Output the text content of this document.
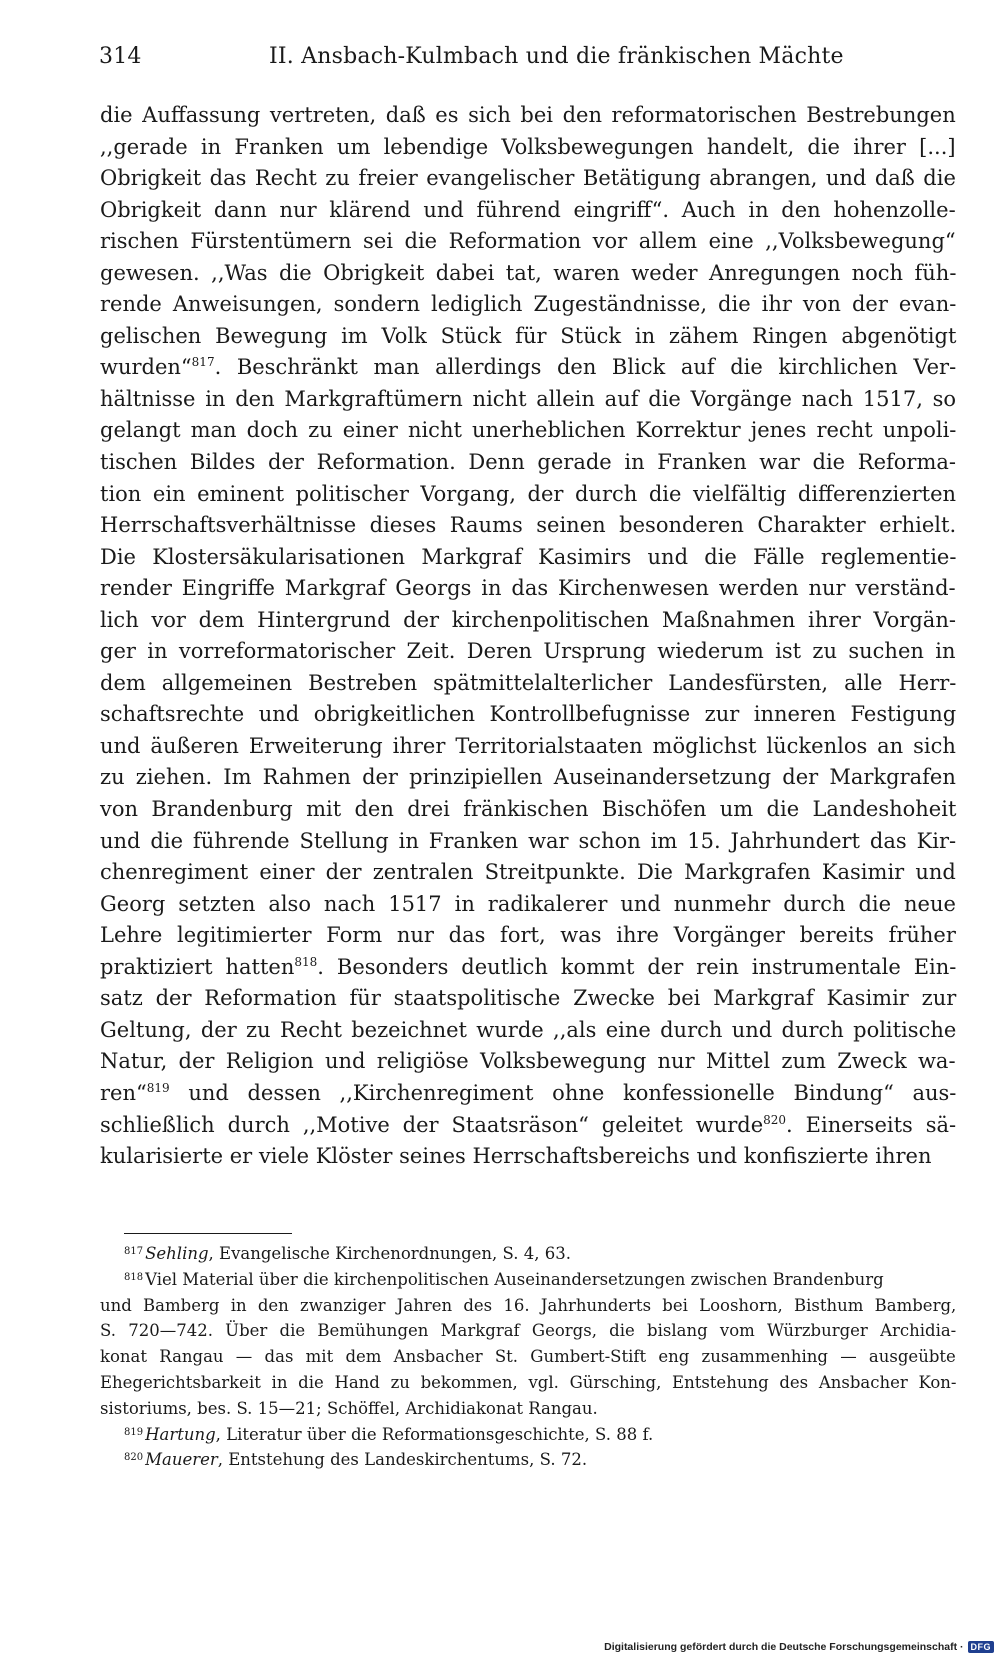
314	II. Ansbach-Kulmbach und die fränkischen Mächte
die Auffassung vertreten, daß es sich bei den reformatorischen Bestrebungen
,,gerade in Franken um lebendige Volksbewegungen handelt, die ihrer [...]
Obrigkeit das Recht zu freier evangelischer Betätigung abrangen, und daß die
Obrigkeit dann nur klärend und führend eingriff“. Auch in den hohenzolle-
rischen Fürstentümern sei die Reformation vor allem eine ,,Volksbewegung“
gewesen. ,,Was die Obrigkeit dabei tat, waren weder Anregungen noch füh-
rende Anweisungen, sondern lediglich Zugeständnisse, die ihr von der evan-
gelischen Bewegung im Volk Stück für Stück in zähem Ringen abgenötigt
wurden“$^{817}$. Beschränkt man allerdings den Blick auf die kirchlichen Ver-
hältnisse in den Markgraftümern nicht allein auf die Vorgänge nach 1517, so
gelangt man doch zu einer nicht unerheblichen Korrektur jenes recht unpoli-
tischen Bildes der Reformation. Denn gerade in Franken war die Reforma-
tion ein eminent politischer Vorgang, der durch die vielfältig differenzierten
Herrschaftsverhältnisse dieses Raums seinen besonderen Charakter erhielt.
Die Klostersäkularisationen Markgraf Kasimirs und die Fälle reglementie-
render Eingriffe Markgraf Georgs in das Kirchenwesen werden nur verständ-
lich vor dem Hintergrund der kirchenpolitischen Maßnahmen ihrer Vorgän-
ger in vorreformatorischer Zeit. Deren Ursprung wiederum ist zu suchen in
dem allgemeinen Bestreben spätmittelalterlicher Landesfürsten, alle Herr-
schaftsrechte und obrigkeitlichen Kontrollbefugnisse zur inneren Festigung
und äußeren Erweiterung ihrer Territorialstaaten möglichst lückenlos an sich
zu ziehen. Im Rahmen der prinzipiellen Auseinandersetzung der Markgrafen
von Brandenburg mit den drei fränkischen Bischöfen um die Landeshoheit
und die führende Stellung in Franken war schon im 15. Jahrhundert das Kir-
chenregiment einer der zentralen Streitpunkte. Die Markgrafen Kasimir und
Georg setzten also nach 1517 in radikalerer und nunmehr durch die neue
Lehre legitimierter Form nur das fort, was ihre Vorgänger bereits früher
praktiziert hatten$^{818}$. Besonders deutlich kommt der rein instrumentale Ein-
satz der Reformation für staatspolitische Zwecke bei Markgraf Kasimir zur
Geltung, der zu Recht bezeichnet wurde ,,als eine durch und durch politische
Natur, der Religion und religiöse Volksbewegung nur Mittel zum Zweck wa-
ren“$^{819}$ und dessen ,,Kirchenregiment ohne konfessionelle Bindung“ aus-
schließlich durch ,,Motive der Staatsräson“ geleitet wurde$^{820}$. Einerseits sä-
kularisierte er viele Klöster seines Herrschaftsbereichs und konfiszierte ihren
$^{817}$ Sehling, Evangelische Kirchenordnungen, S. 4, 63.
$^{818}$ Viel Material über die kirchenpolitischen Auseinandersetzungen zwischen Brandenburg
und Bamberg in den zwanziger Jahren des 16. Jahrhunderts bei Looshorn, Bisthum Bamberg,
S. 720—742. Über die Bemühungen Markgraf Georgs, die bislang vom Würzburger Archidia-
konat Rangau — das mit dem Ansbacher St. Gumbert-Stift eng zusammenhing — ausgeübte
Ehegerichtsbarkeit in die Hand zu bekommen, vgl. Gürsching, Entstehung des Ansbacher Kon-
sistoriums, bes. S. 15—21; Schöffel, Archidiakonat Rangau.
$^{819}$ Hartung, Literatur über die Reformationsgeschichte, S. 88 f.
$^{820}$ Mauerer, Entstehung des Landeskirchentums, S. 72.
Digitalisierung gefördert durch die Deutsche Forschungsgemeinschaft · DFG
